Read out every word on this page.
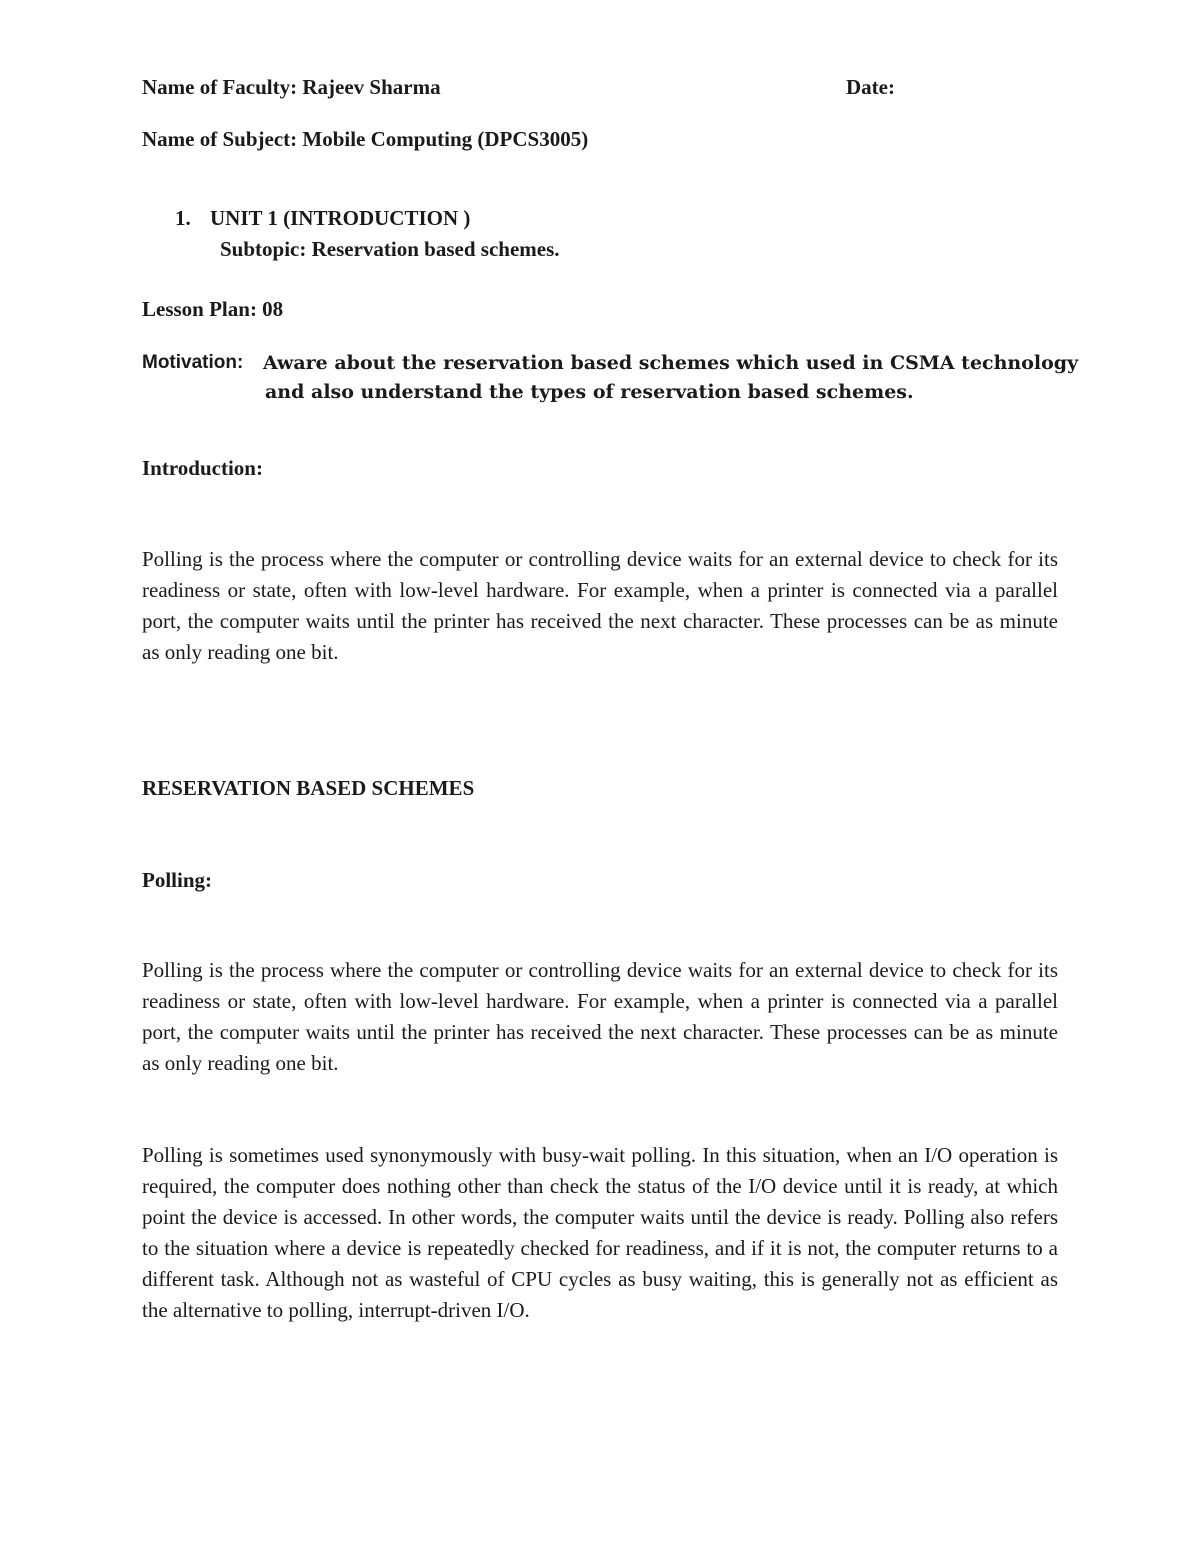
Name of Faculty: Rajeev Sharma	Date:
Name of Subject: Mobile Computing (DPCS3005)
1. UNIT 1 (INTRODUCTION )
Subtopic: Reservation based schemes.
Lesson Plan: 08
Motivation: Aware about the reservation based schemes which used in CSMA technology
and also understand the types of reservation based schemes.
Introduction:
Polling is the process where the computer or controlling device waits for an external device to check for its readiness or state, often with low-level hardware. For example, when a printer is connected via a parallel port, the computer waits until the printer has received the next character. These processes can be as minute as only reading one bit.
RESERVATION BASED SCHEMES
Polling:
Polling is the process where the computer or controlling device waits for an external device to check for its readiness or state, often with low-level hardware. For example, when a printer is connected via a parallel port, the computer waits until the printer has received the next character. These processes can be as minute as only reading one bit.
Polling is sometimes used synonymously with busy-wait polling. In this situation, when an I/O operation is required, the computer does nothing other than check the status of the I/O device until it is ready, at which point the device is accessed. In other words, the computer waits until the device is ready. Polling also refers to the situation where a device is repeatedly checked for readiness, and if it is not, the computer returns to a different task. Although not as wasteful of CPU cycles as busy waiting, this is generally not as efficient as the alternative to polling, interrupt-driven I/O.
